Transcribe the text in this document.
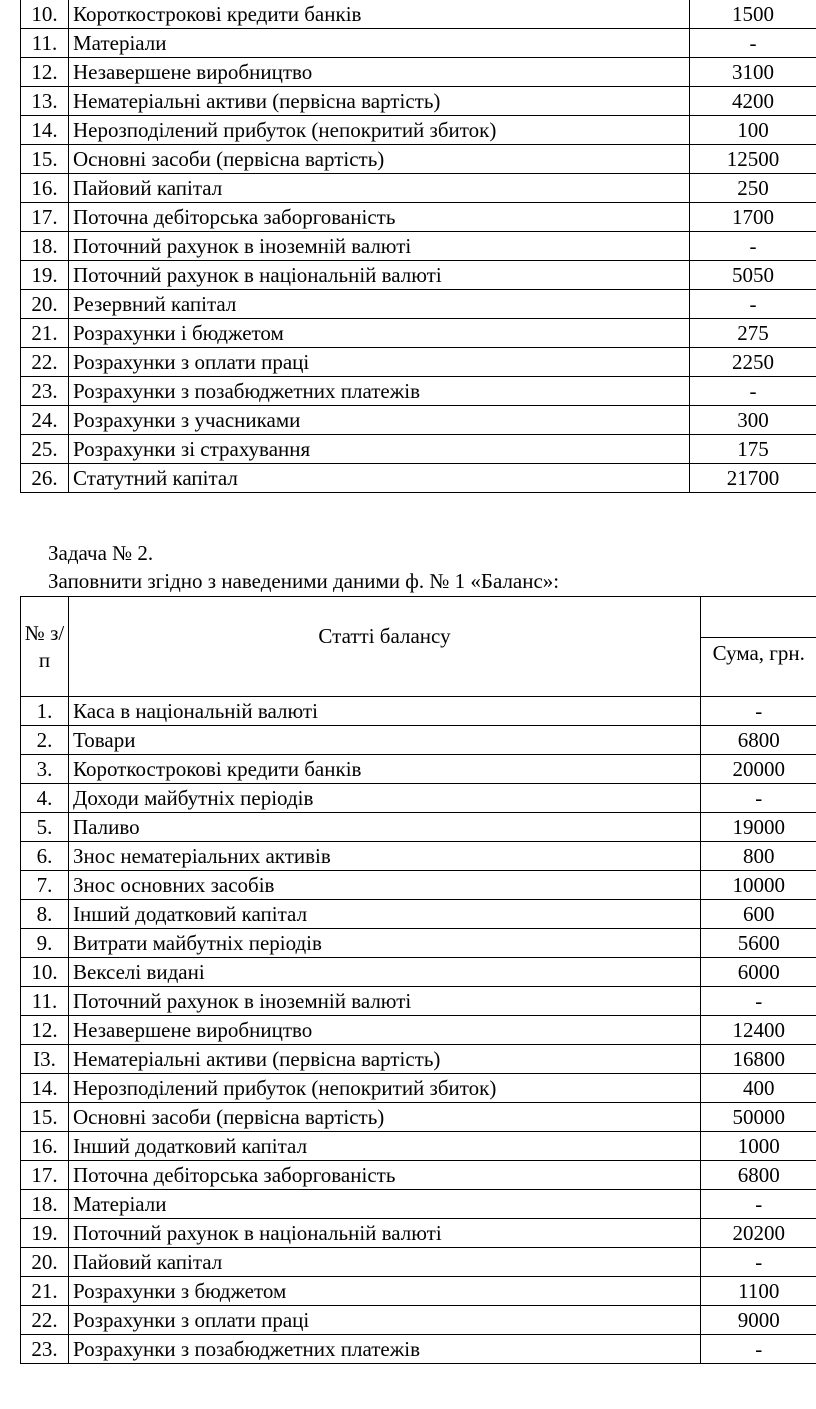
10.	Короткострокові кредити банків	1500
11.	Матеріали	-
12.	Незавершене виробництво	3100
13.	Нематеріальні активи (первісна вартість)	4200
14.	Нерозподілений прибуток (непокритий збиток)	100
15.	Основні засоби (первісна вартість)	12500
16.	Пайовий капітал	250
17.	Поточна дебіторська заборгованість	1700
18.	Поточний рахунок в іноземній валюті	-
19.	Поточний рахунок в національній валюті	5050
20.	Резервний капітал	-
21.	Розрахунки і бюджетом	275
22.	Розрахунки з оплати праці	2250
23.	Розрахунки з позабюджетних платежів	-
24.	Розрахунки з учасниками	300
25.	Розрахунки зі страхування	175
26.	Статутний капітал	21700
Задача № 2.
Заповнити згідно з наведеними даними ф. № 1 «Баланс»:
№ з/п	Статті балансу	
		Сума, грн.
1.	Каса в національній валюті	-
2.	Товари	6800
3.	Короткострокові кредити банків	20000
4.	Доходи майбутніх періодів	-
5.	Паливо	19000
6.	Знос нематеріальних активів	800
7.	Знос основних засобів	10000
8.	Інший додатковий капітал	600
9.	Витрати майбутніх періодів	5600
10.	Векселі видані	6000
11.	Поточний рахунок в іноземній валюті	-
12.	Незавершене виробництво	12400
I3.	Нематеріальні активи (первісна вартість)	16800
14.	Нерозподілений прибуток (непокритий збиток)	400
15.	Основні засоби (первісна вартість)	50000
16.	Інший додатковий капітал	1000
17.	Поточна дебіторська заборгованість	6800
18.	Матеріали	-
19.	Поточний рахунок в національній валюті	20200
20.	Пайовий капітал	-
21.	Розрахунки з бюджетом	1100
22.	Розрахунки з оплати праці	9000
23.	Розрахунки з позабюджетних платежів	-
